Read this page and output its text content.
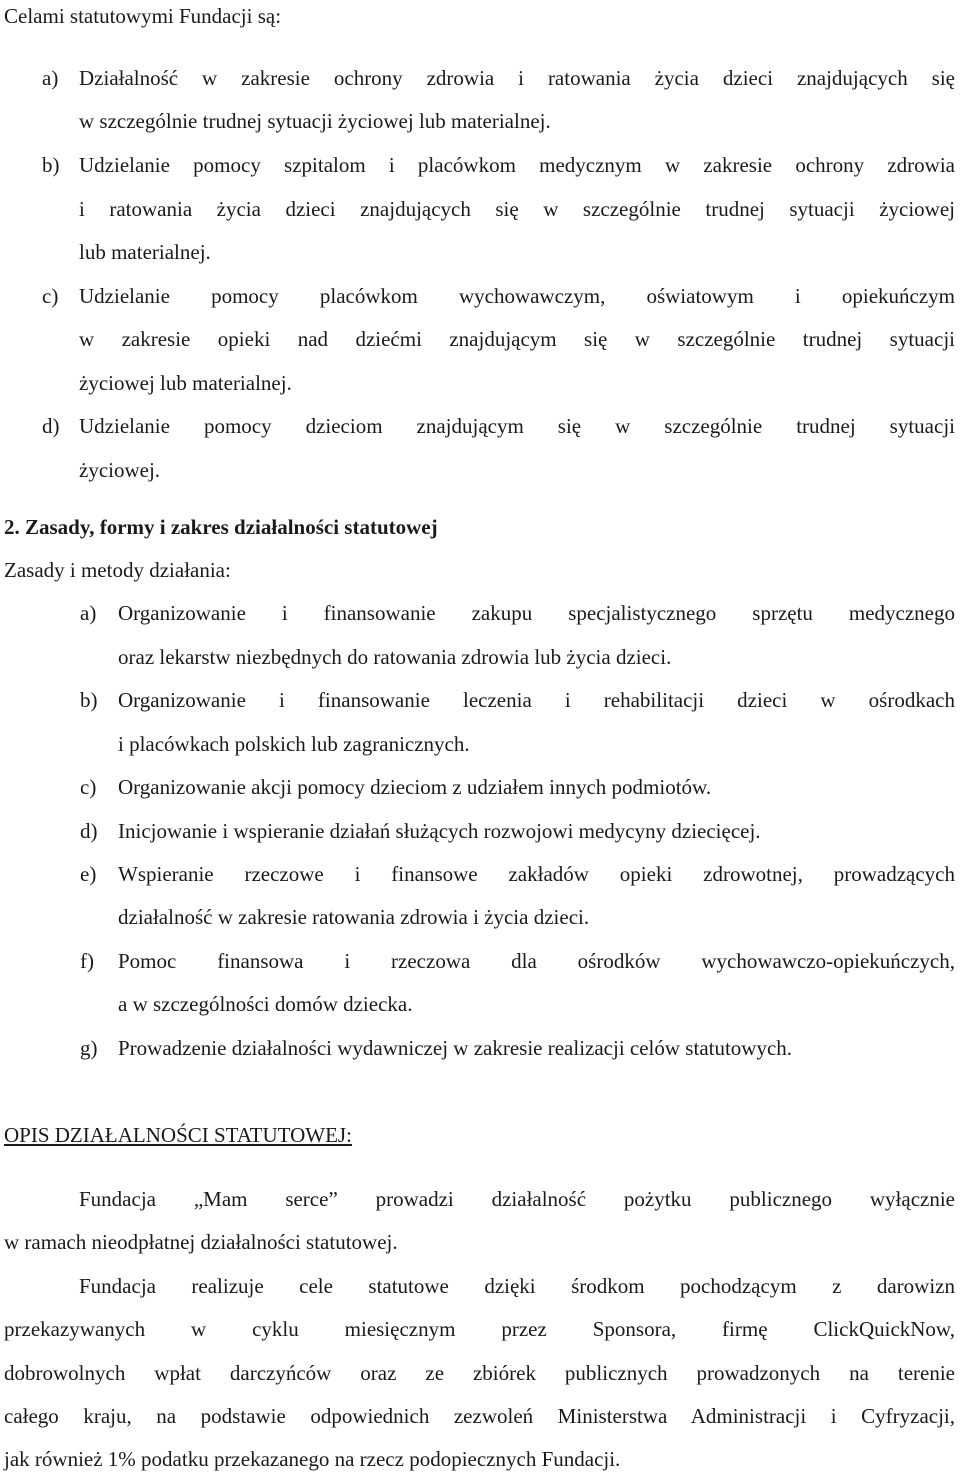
Celami statutowymi Fundacji są:
a) Działalność w zakresie ochrony zdrowia i ratowania życia dzieci znajdujących się
w szczególnie trudnej sytuacji życiowej lub materialnej.
b) Udzielanie pomocy szpitalom i placówkom medycznym w zakresie ochrony zdrowia
i ratowania życia dzieci znajdujących się w szczególnie trudnej sytuacji życiowej
lub materialnej.
c) Udzielanie pomocy placówkom wychowawczym, oświatowym i opiekuńczym
w zakresie opieki nad dziećmi znajdującym się w szczególnie trudnej sytuacji
życiowej lub materialnej.
d) Udzielanie pomocy dzieciom znajdującym się w szczególnie trudnej sytuacji
życiowej.
2. Zasady, formy i zakres działalności statutowej
Zasady i metody działania:
a) Organizowanie i finansowanie zakupu specjalistycznego sprzętu medycznego
oraz lekarstw niezbędnych do ratowania zdrowia lub życia dzieci.
b) Organizowanie i finansowanie leczenia i rehabilitacji dzieci w ośrodkach
i placówkach polskich lub zagranicznych.
c) Organizowanie akcji pomocy dzieciom z udziałem innych podmiotów.
d) Inicjowanie i wspieranie działań służących rozwojowi medycyny dziecięcej.
e) Wspieranie rzeczowe i finansowe zakładów opieki zdrowotnej, prowadzących
działalność w zakresie ratowania zdrowia i życia dzieci.
f) Pomoc finansowa i rzeczowa dla ośrodków wychowawczo-opiekuńczych,
a w szczególności domów dziecka.
g) Prowadzenie działalności wydawniczej w zakresie realizacji celów statutowych.
OPIS DZIAŁALNOŚCI STATUTOWEJ:
Fundacja „Mam serce” prowadzi działalność pożytku publicznego wyłącznie
w ramach nieodpłatnej działalności statutowej.
Fundacja realizuje cele statutowe dzięki środkom pochodzącym z darowizn
przekazywanych w cyklu miesięcznym przez Sponsora, firmę ClickQuickNow,
dobrowolnych wpłat darczyńców oraz ze zbiórek publicznych prowadzonych na terenie
całego kraju, na podstawie odpowiednich zezwoleń Ministerstwa Administracji i Cyfryzacji,
jak również 1% podatku przekazanego na rzecz podopiecznych Fundacji.
